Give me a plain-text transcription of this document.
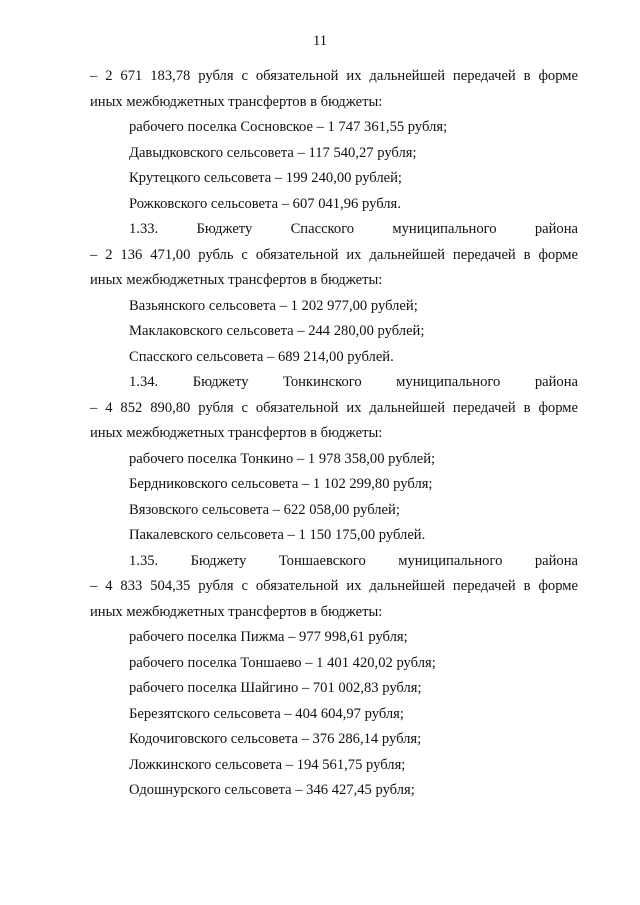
11
– 2 671 183,78 рубля с обязательной их дальнейшей передачей в форме
иных межбюджетных трансфертов в бюджеты:
рабочего поселка Сосновское – 1 747 361,55 рубля;
Давыдковского сельсовета – 117 540,27 рубля;
Крутецкого сельсовета – 199 240,00 рублей;
Рожковского сельсовета – 607 041,96 рубля.
1.33. Бюджету Спасского муниципального района
– 2 136 471,00 рубль с обязательной их дальнейшей передачей в форме
иных межбюджетных трансфертов в бюджеты:
Вазьянского сельсовета – 1 202 977,00 рублей;
Маклаковского сельсовета – 244 280,00 рублей;
Спасского сельсовета – 689 214,00 рублей.
1.34. Бюджету Тонкинского муниципального района
– 4 852 890,80 рубля с обязательной их дальнейшей передачей в форме
иных межбюджетных трансфертов в бюджеты:
рабочего поселка Тонкино – 1 978 358,00 рублей;
Бердниковского сельсовета – 1 102 299,80 рубля;
Вязовского сельсовета – 622 058,00 рублей;
Пакалевского сельсовета – 1 150 175,00 рублей.
1.35. Бюджету Тоншаевского муниципального района
– 4 833 504,35 рубля с обязательной их дальнейшей передачей в форме
иных межбюджетных трансфертов в бюджеты:
рабочего поселка Пижма – 977 998,61 рубля;
рабочего поселка Тоншаево – 1 401 420,02 рубля;
рабочего поселка Шайгино – 701 002,83 рубля;
Березятского сельсовета – 404 604,97 рубля;
Кодочиговского сельсовета – 376 286,14 рубля;
Ложкинского сельсовета – 194 561,75 рубля;
Одошнурского сельсовета – 346 427,45 рубля;
